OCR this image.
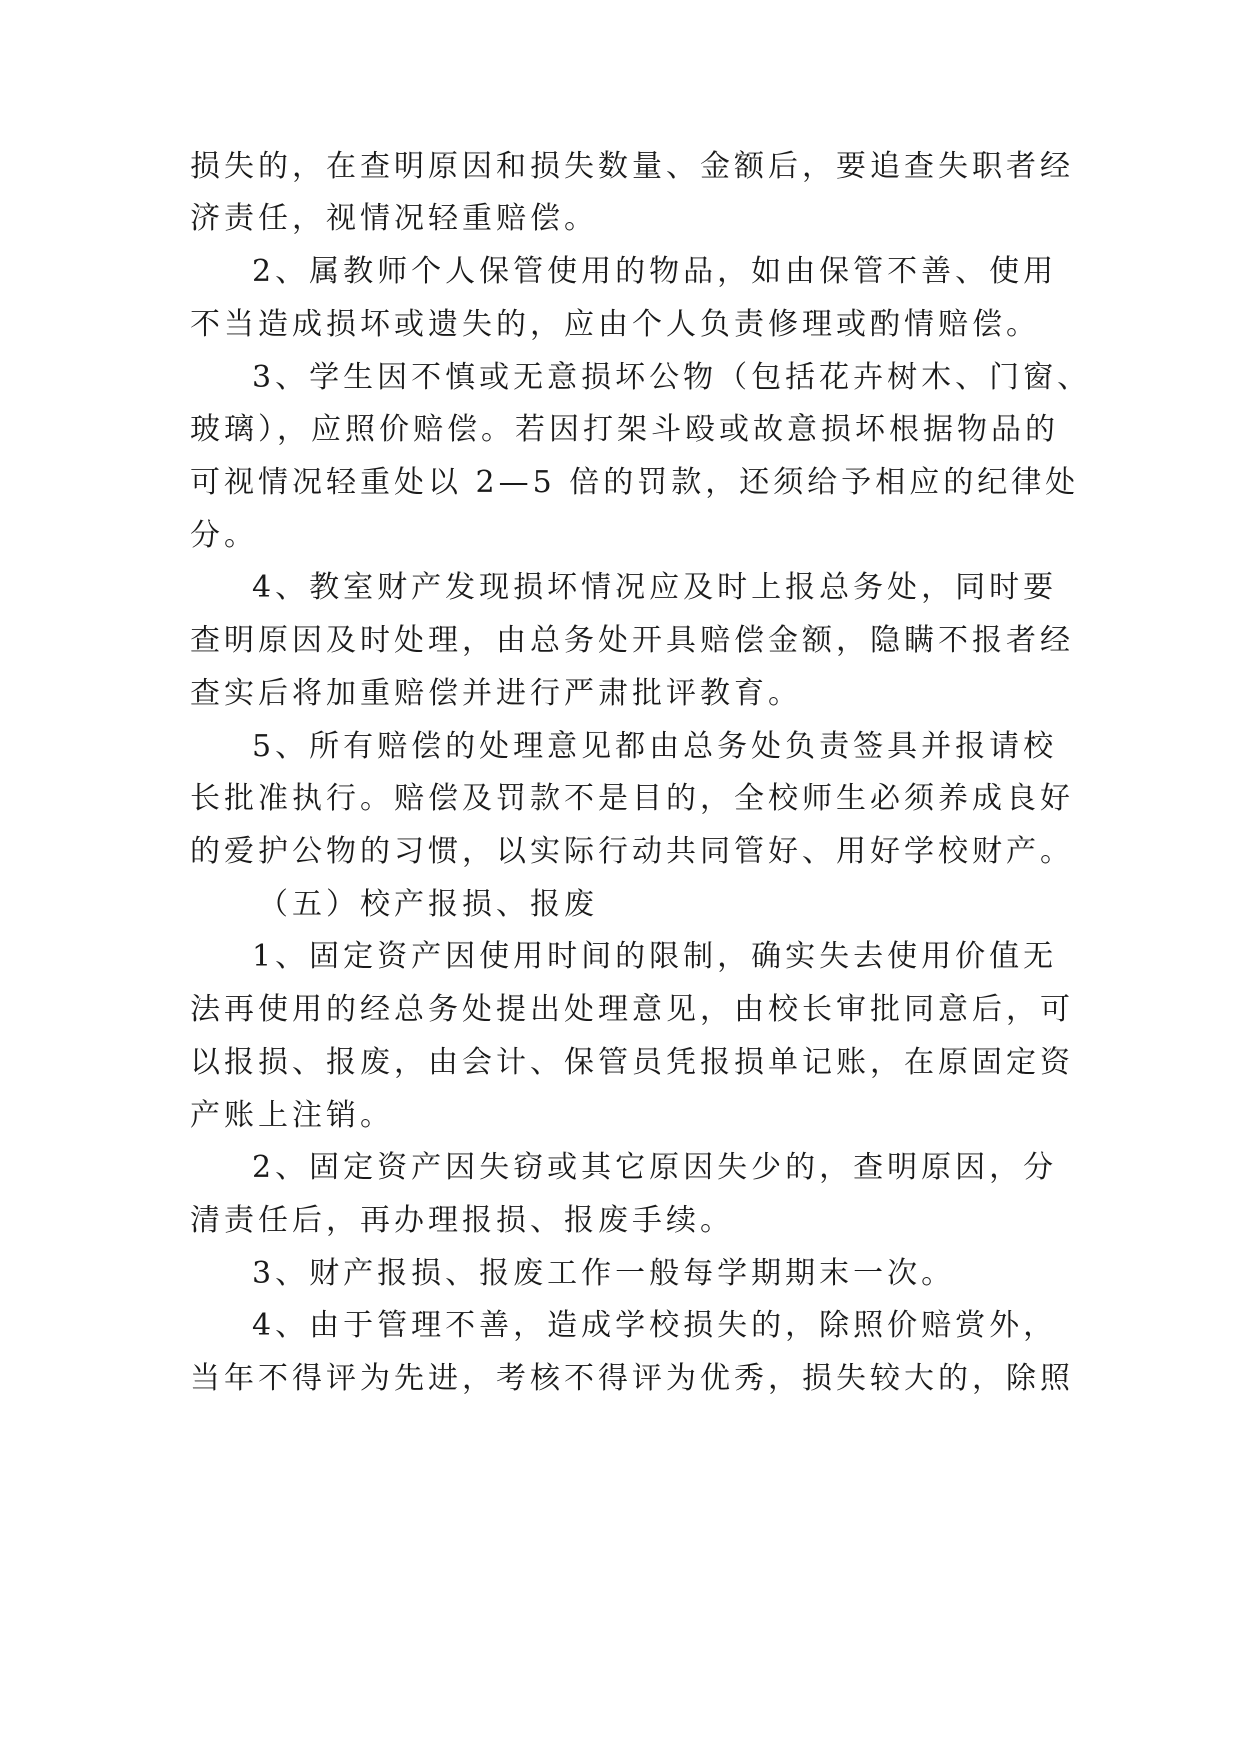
损失的，在查明原因和损失数量、金额后，要追查失职者经
济责任，视情况轻重赔偿。
2、属教师个人保管使用的物品，如由保管不善、使用
不当造成损坏或遗失的，应由个人负责修理或酌情赔偿。
3、学生因不慎或无意损坏公物（包括花卉树木、门窗、
玻璃），应照价赔偿。若因打架斗殴或故意损坏根据物品的
可视情况轻重处以 2—5 倍的罚款，还须给予相应的纪律处
分。
4、教室财产发现损坏情况应及时上报总务处，同时要
查明原因及时处理，由总务处开具赔偿金额，隐瞒不报者经
查实后将加重赔偿并进行严肃批评教育。
5、所有赔偿的处理意见都由总务处负责签具并报请校
长批准执行。赔偿及罚款不是目的，全校师生必须养成良好
的爱护公物的习惯，以实际行动共同管好、用好学校财产。
（五）校产报损、报废
1、固定资产因使用时间的限制，确实失去使用价值无
法再使用的经总务处提出处理意见，由校长审批同意后，可
以报损、报废，由会计、保管员凭报损单记账，在原固定资
产账上注销。
2、固定资产因失窃或其它原因失少的，查明原因，分
清责任后，再办理报损、报废手续。
3、财产报损、报废工作一般每学期期末一次。
4、由于管理不善，造成学校损失的，除照价赔赏外，
当年不得评为先进，考核不得评为优秀，损失较大的，除照
